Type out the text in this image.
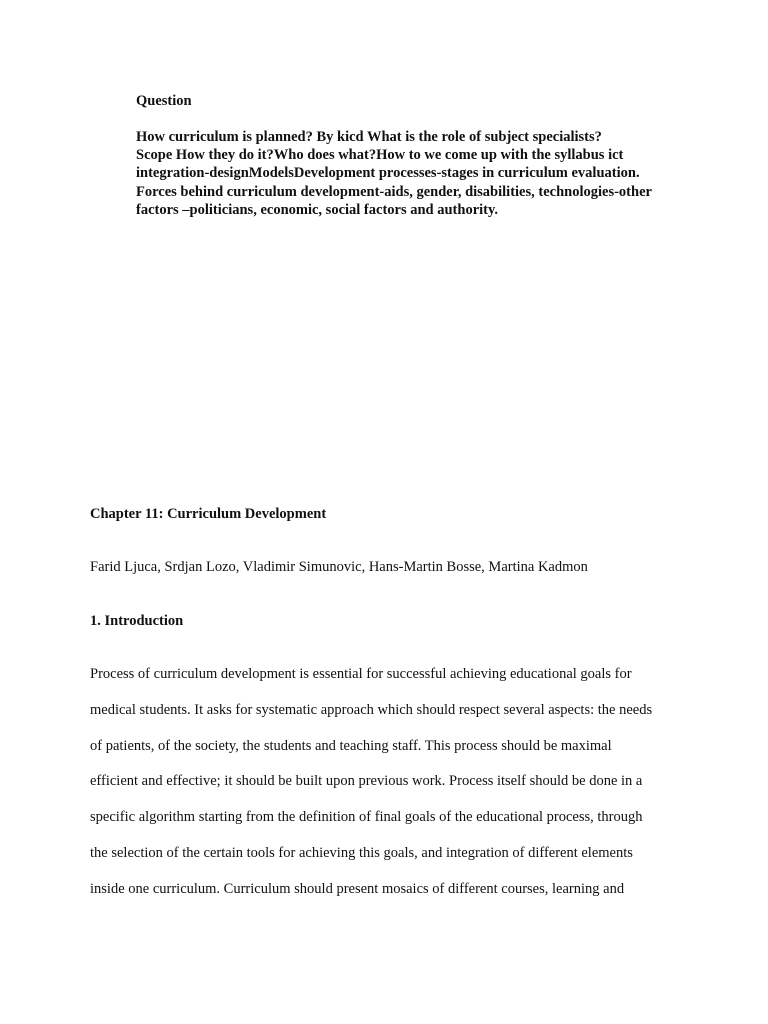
Question

How curriculum is planned? By kicd What is the role of subject specialists?
Scope How they do it?Who does what?How to we come up with the syllabus ict
integration-designModelsDevelopment processes-stages in curriculum evaluation.
Forces behind curriculum development-aids, gender, disabilities, technologies-other
factors –politicians, economic, social factors and authority.

Chapter 11: Curriculum Development

Farid Ljuca, Srdjan Lozo, Vladimir Simunovic, Hans-Martin Bosse, Martina Kadmon

1. Introduction

Process of curriculum development is essential for successful achieving educational goals for
medical students. It asks for systematic approach which should respect several aspects: the needs
of patients, of the society, the students and teaching staff. This process should be maximal
efficient and effective; it should be built upon previous work. Process itself should be done in a
specific algorithm starting from the definition of final goals of the educational process, through
the selection of the certain tools for achieving this goals, and integration of different elements
inside one curriculum. Curriculum should present mosaics of different courses, learning and
